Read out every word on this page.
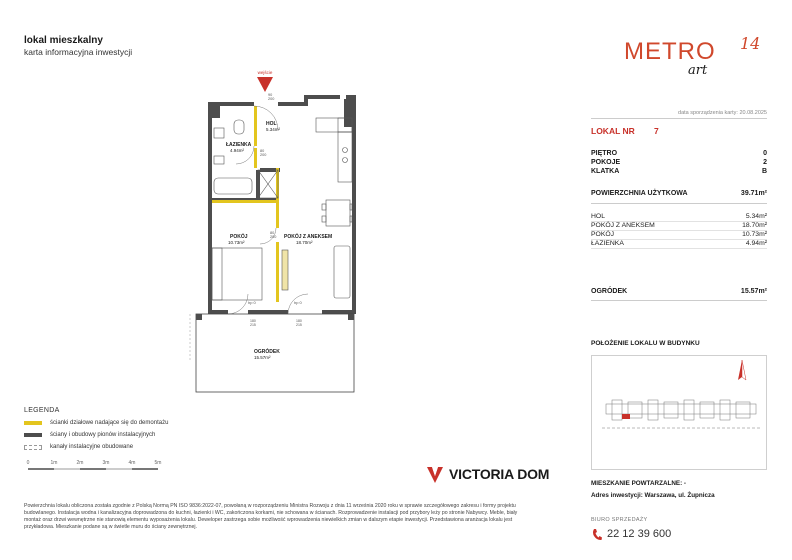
lokal mieszkalny
karta informacyjna inwestycji
wejście
HOL
5.34m²
ŁAZIENKA
4.94m²
POKÓJ
10.73m²
POKÓJ Z ANEKSEM
18.70m²
OGRÓDEK
15.57m²
90 200
80 200
80 200
hp 0	hp 0
180 215
180 215
LEGENDA
ścianki działowe nadające się do demontażu
ściany i obudowy pionów instalacyjnych
kanały instalacyjne obudowane
0	1m	2m	3m	4m	5m
Powierzchnia lokalu obliczona została zgodnie z Polską Normą PN ISO 9836:2022-07, powołaną w rozporządzeniu Ministra Rozwoju z dnia 11 września 2020 roku w sprawie szczegółowego zakresu i formy projektu budowlanego. Instalacja wodna i kanalizacyjna doprowadzona do kuchni, łazienki i WC, zakończona korkami, nie schowana w ścianach. Rozprowadzenie instalacji pod przybory leży po stronie Nabywcy. Meble, biały montaż oraz drzwi wewnętrzne nie stanowią elementu wyposażenia lokalu. Deweloper zastrzega sobie możliwość wprowadzenia niewielkich zmian w dalszym etapie inwestycji. Przedstawiona aranżacja lokalu jest przykładowa. Mieszkanie podane są w świetle muru do ściany zewnętrznej.
VICTORIA DOM
METRO
art
14
data sporządzenia karty: 20.08.2025
LOKAL NR 7
PIĘTRO	0
POKOJE	2
KLATKA	B
POWIERZCHNIA UŻYTKOWA	39.71m²
HOL	5.34m²
POKÓJ Z ANEKSEM	18.70m²
POKÓJ	10.73m²
ŁAZIENKA	4.94m²
OGRÓDEK	15.57m²
POŁOŻENIE LOKALU W BUDYNKU
MIESZKANIE POWTARZALNE: -
Adres inwestycji: Warszawa, ul. Żupnicza
BIURO SPRZEDAŻY
22 12 39 600
